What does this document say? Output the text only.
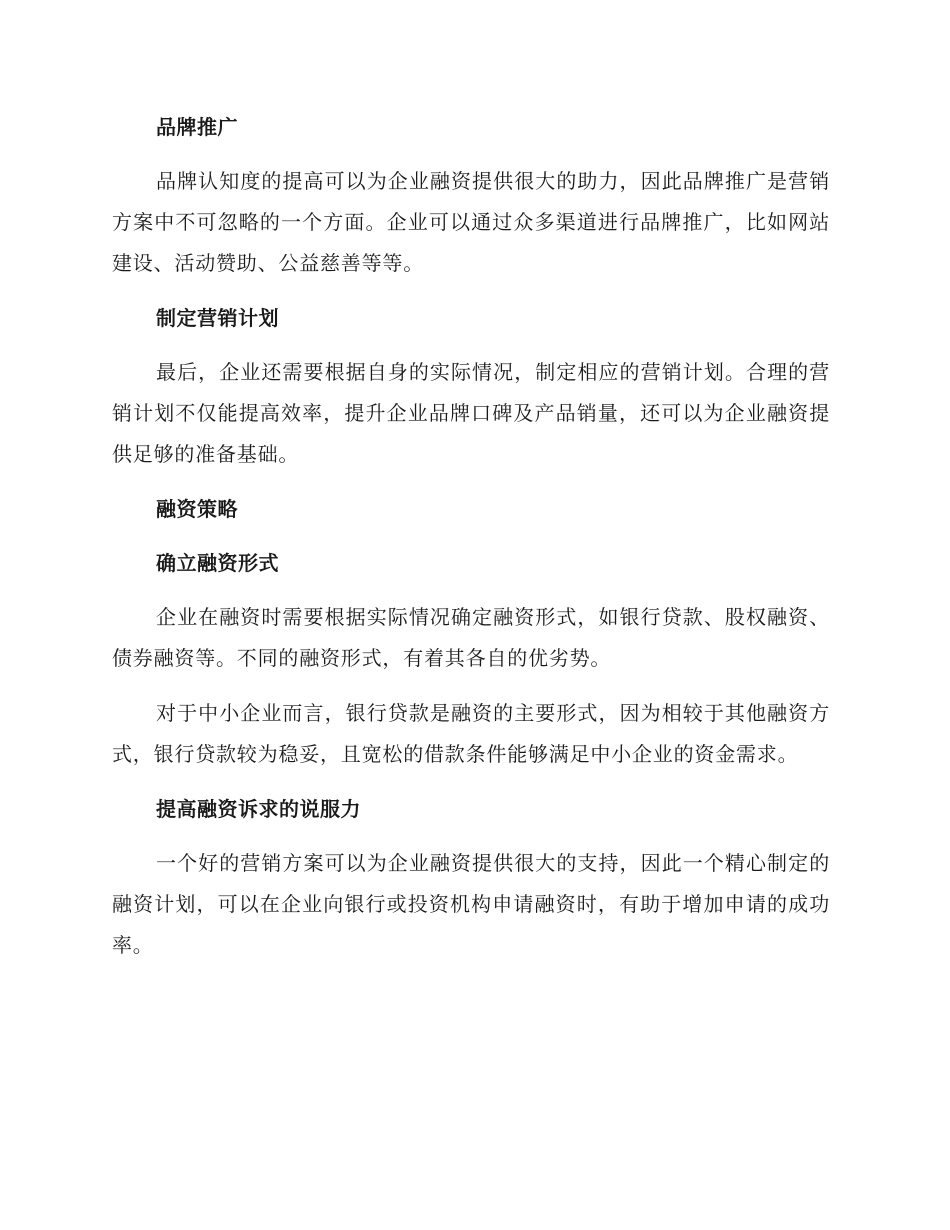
品牌推广

品牌认知度的提高可以为企业融资提供很大的助力，因此品牌推广是营销方案中不可忽略的一个方面。企业可以通过众多渠道进行品牌推广，比如网站建设、活动赞助、公益慈善等等。

制定营销计划

最后，企业还需要根据自身的实际情况，制定相应的营销计划。合理的营销计划不仅能提高效率，提升企业品牌口碑及产品销量，还可以为企业融资提供足够的准备基础。

融资策略
确立融资形式

企业在融资时需要根据实际情况确定融资形式，如银行贷款、股权融资、债券融资等。不同的融资形式，有着其各自的优劣势。

对于中小企业而言，银行贷款是融资的主要形式，因为相较于其他融资方式，银行贷款较为稳妥，且宽松的借款条件能够满足中小企业的资金需求。

提高融资诉求的说服力

一个好的营销方案可以为企业融资提供很大的支持，因此一个精心制定的融资计划，可以在企业向银行或投资机构申请融资时，有助于增加申请的成功率。
